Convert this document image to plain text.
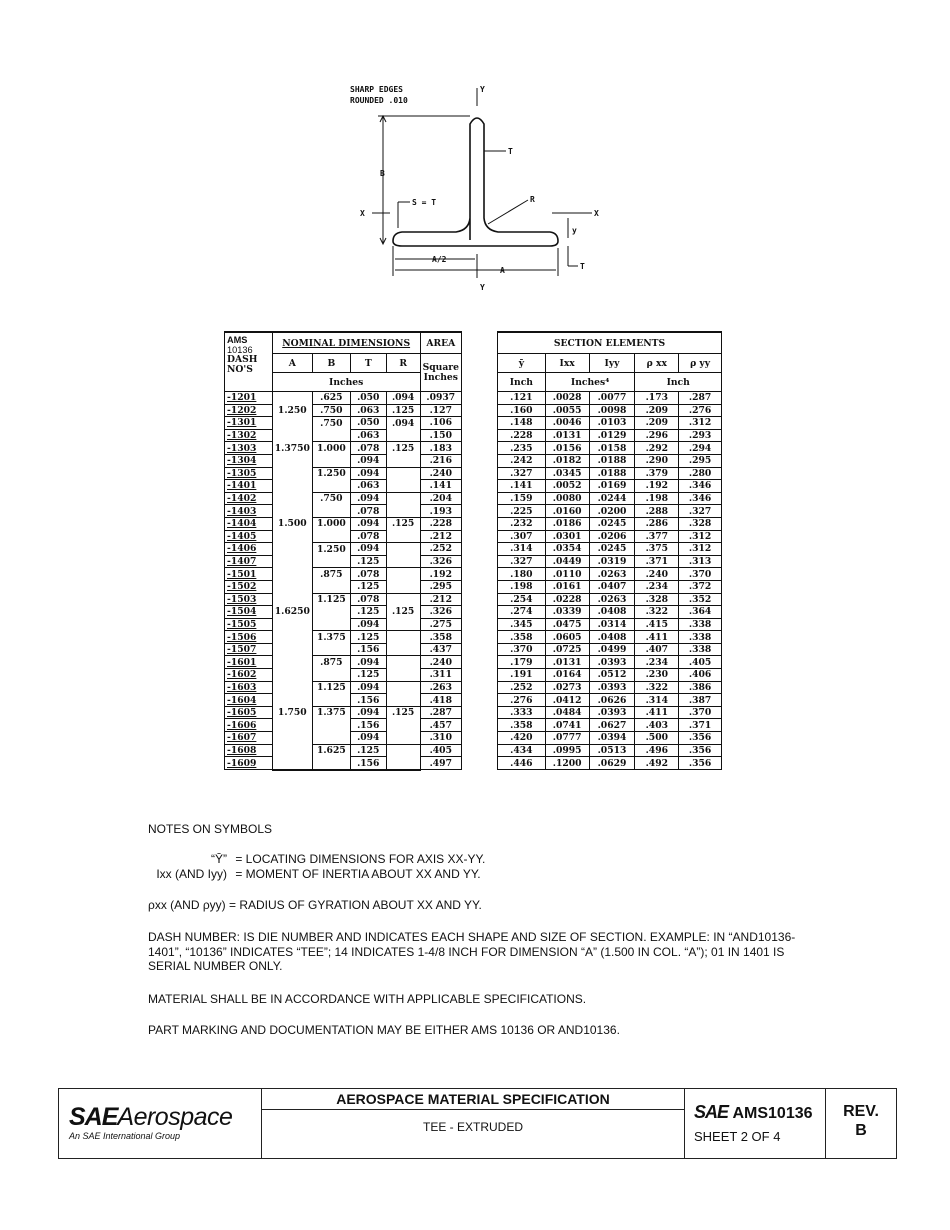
SHARP EDGES
ROUNDED .010
Y
Y
T
B
X	X
S = T	R
y
A/2
A	T
AMS
10136
DASH
NO'S	NOMINAL DIMENSIONS				AREA
	A	B	T	R	Square
Inches

	Inches				
-1201		.625	.050	.094	.0937
-1202	1.250	.750	.063	.125	.127
-1301		.750	.050	.094	.106
-1302			.063		.150
-1303	1.3750	1.000	.078	.125	.183
-1304			.094		.216
-1305		1.250	.094		.240
-1401			.063		.141
-1402		.750	.094		.204
-1403			.078		.193
-1404	1.500	1.000	.094	.125	.228
-1405			.078		.212
-1406		1.250	.094		.252
-1407			.125		.326
-1501		.875	.078		.192
-1502			.125		.295
-1503		1.125	.078		.212
-1504	1.6250		.125	.125	.326
-1505			.094		.275
-1506		1.375	.125		.358
-1507			.156		.437
-1601		.875	.094		.240
-1602			.125		.311
-1603		1.125	.094		.263
-1604			.156		.418
-1605	1.750	1.375	.094	.125	.287
-1606			.156		.457
-1607			.094		.310
-1608		1.625	.125		.405
-1609			.156		.497
SECTION ELEMENTS				
ȳ	Ixx	Iyy	ρ xx	ρ yy
Inch	Inches⁴		Inch	
.121	.0028	.0077	.173	.287
.160	.0055	.0098	.209	.276
.148	.0046	.0103	.209	.312
.228	.0131	.0129	.296	.293
.235	.0156	.0158	.292	.294
.242	.0182	.0188	.290	.295
.327	.0345	.0188	.379	.280
.141	.0052	.0169	.192	.346
.159	.0080	.0244	.198	.346
.225	.0160	.0200	.288	.327
.232	.0186	.0245	.286	.328
.307	.0301	.0206	.377	.312
.314	.0354	.0245	.375	.312
.327	.0449	.0319	.371	.313
.180	.0110	.0263	.240	.370
.198	.0161	.0407	.234	.372
.254	.0228	.0263	.328	.352
.274	.0339	.0408	.322	.364
.345	.0475	.0314	.415	.338
.358	.0605	.0408	.411	.338
.370	.0725	.0499	.407	.338
.179	.0131	.0393	.234	.405
.191	.0164	.0512	.230	.406
.252	.0273	.0393	.322	.386
.276	.0412	.0626	.314	.387
.333	.0484	.0393	.411	.370
.358	.0741	.0627	.403	.371
.420	.0777	.0394	.500	.356
.434	.0995	.0513	.496	.356
.446	.1200	.0629	.492	.356
NOTES ON SYMBOLS
“Ȳ” = LOCATING DIMENSIONS FOR AXIS XX-YY.
Ixx (AND Iyy) = MOMENT OF INERTIA ABOUT XX AND YY.
ρxx (AND ρyy) = RADIUS OF GYRATION ABOUT XX AND YY.
DASH NUMBER: IS DIE NUMBER AND INDICATES EACH SHAPE AND SIZE OF SECTION. EXAMPLE: IN “AND10136-1401”, “10136” INDICATES “TEE”; 14 INDICATES 1-4/8 INCH FOR DIMENSION “A” (1.500 IN COL. “A”); 01 IN 1401 IS SERIAL NUMBER ONLY.
MATERIAL SHALL BE IN ACCORDANCE WITH APPLICABLE SPECIFICATIONS.
PART MARKING AND DOCUMENTATION MAY BE EITHER AMS 10136 OR AND10136.
SAEAerospace
An SAE International Group
AEROSPACE MATERIAL SPECIFICATION
TEE - EXTRUDED
SAE AMS10136
SHEET 2 OF 4
REV.
B
